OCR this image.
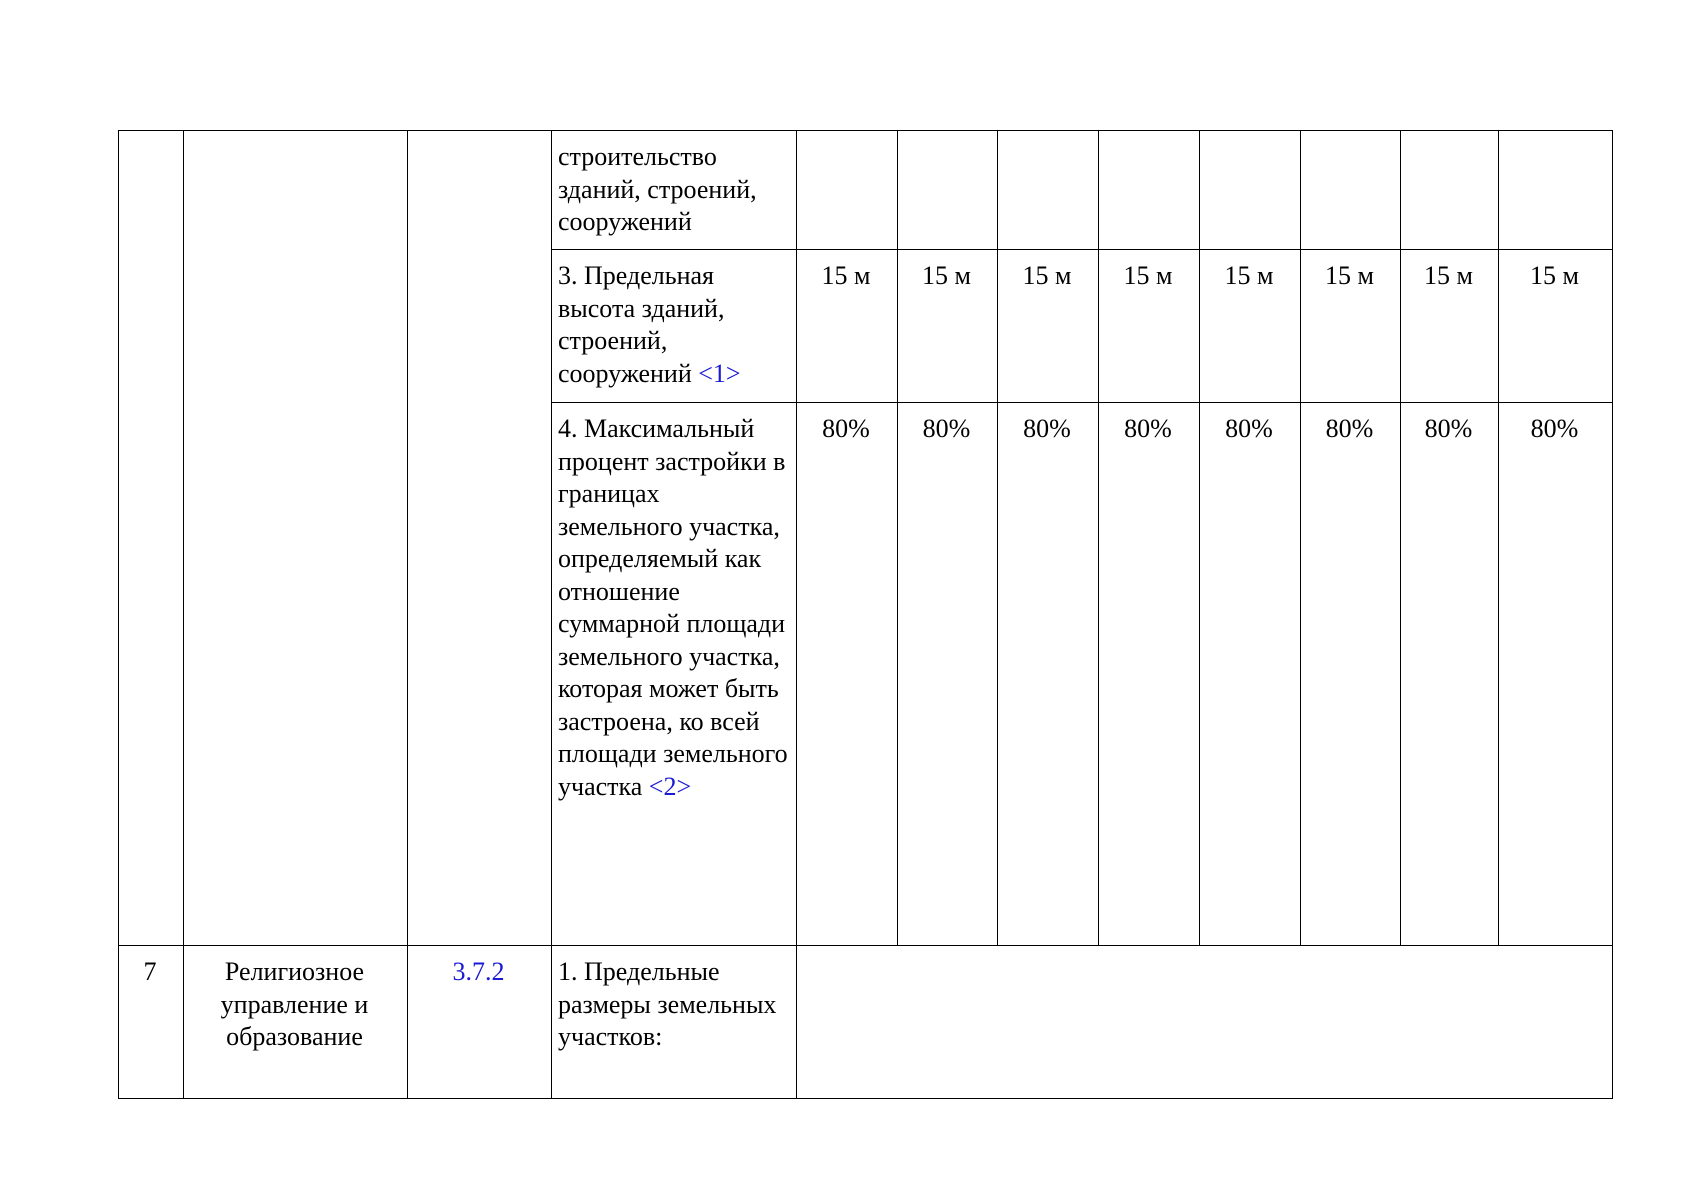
			строительство зданий, строений, сооружений								
			3. Предельная высота зданий, строений, сооружений <1>	15 м	15 м	15 м	15 м	15 м	15 м	15 м	15 м
			4. Максимальный процент застройки в границах земельного участка, определяемый как отношение суммарной площади земельного участка, которая может быть застроена, ко всей площади земельного участка <2>	80%	80%	80%	80%	80%	80%	80%	80%
7	Религиозное управление и образование	3.7.2	1. Предельные размеры земельных участков:								
